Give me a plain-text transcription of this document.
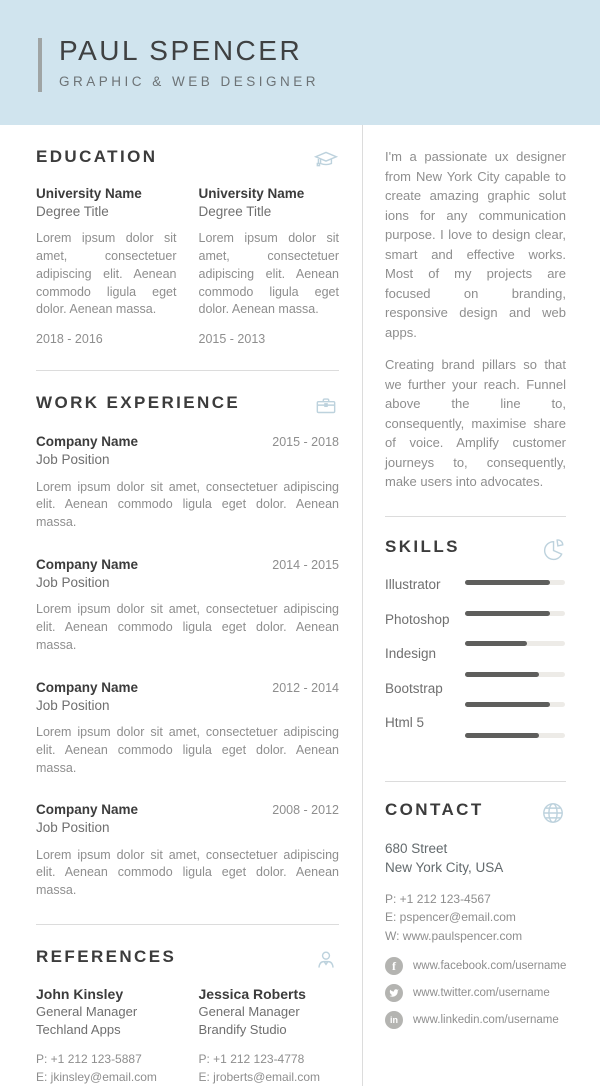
PAUL SPENCER
GRAPHIC & WEB DESIGNER
EDUCATION
University Name
Degree Title

Lorem ipsum dolor sit amet, consectetuer adipiscing elit. Aenean commodo ligula eget dolor. Aenean massa.

2018 - 2016
University Name
Degree Title

Lorem ipsum dolor sit amet, consectetuer adipiscing elit. Aenean commodo ligula eget dolor. Aenean massa.

2015 - 2013
WORK EXPERIENCE
Company Name	2015 - 2018
Job Position

Lorem ipsum dolor sit amet, consectetuer adipiscing elit. Aenean commodo ligula eget dolor. Aenean massa.

Company Name	2014 - 2015
Job Position

Lorem ipsum dolor sit amet, consectetuer adipiscing elit. Aenean commodo ligula eget dolor. Aenean massa.

Company Name	2012 - 2014
Job Position

Lorem ipsum dolor sit amet, consectetuer adipiscing elit. Aenean commodo ligula eget dolor. Aenean massa.

Company Name	2008 - 2012
Job Position

Lorem ipsum dolor sit amet, consectetuer adipiscing elit. Aenean commodo ligula eget dolor. Aenean massa.

REFERENCES
John Kinsley
General Manager
Techland Apps
P: +1 212 123-5887
E: jkinsley@email.com
Jessica Roberts
General Manager
Brandify Studio
P: +1 212 123-4778
E: jroberts@email.com

I'm a passionate ux designer from New York City capable to create amazing graphic solut ions for any communication purpose. I love to design clear, smart and effective works. Most of my projects are focused on branding, responsive design and web apps.

Creating brand pillars so that we further your reach. Funnel above the line to, consequently, maximise share of voice. Amplify customer journeys to, consequently, make users into advocates.

SKILLS
Illustrator
Photoshop
Indesign
Bootstrap
Html 5
CONTACT
680 Street
New York City, USA
P: +1 212 123-4567
E: pspencer@email.com
W: www.paulspencer.com
f
www.facebook.com/username
www.twitter.com/username
in
www.linkedin.com/username
